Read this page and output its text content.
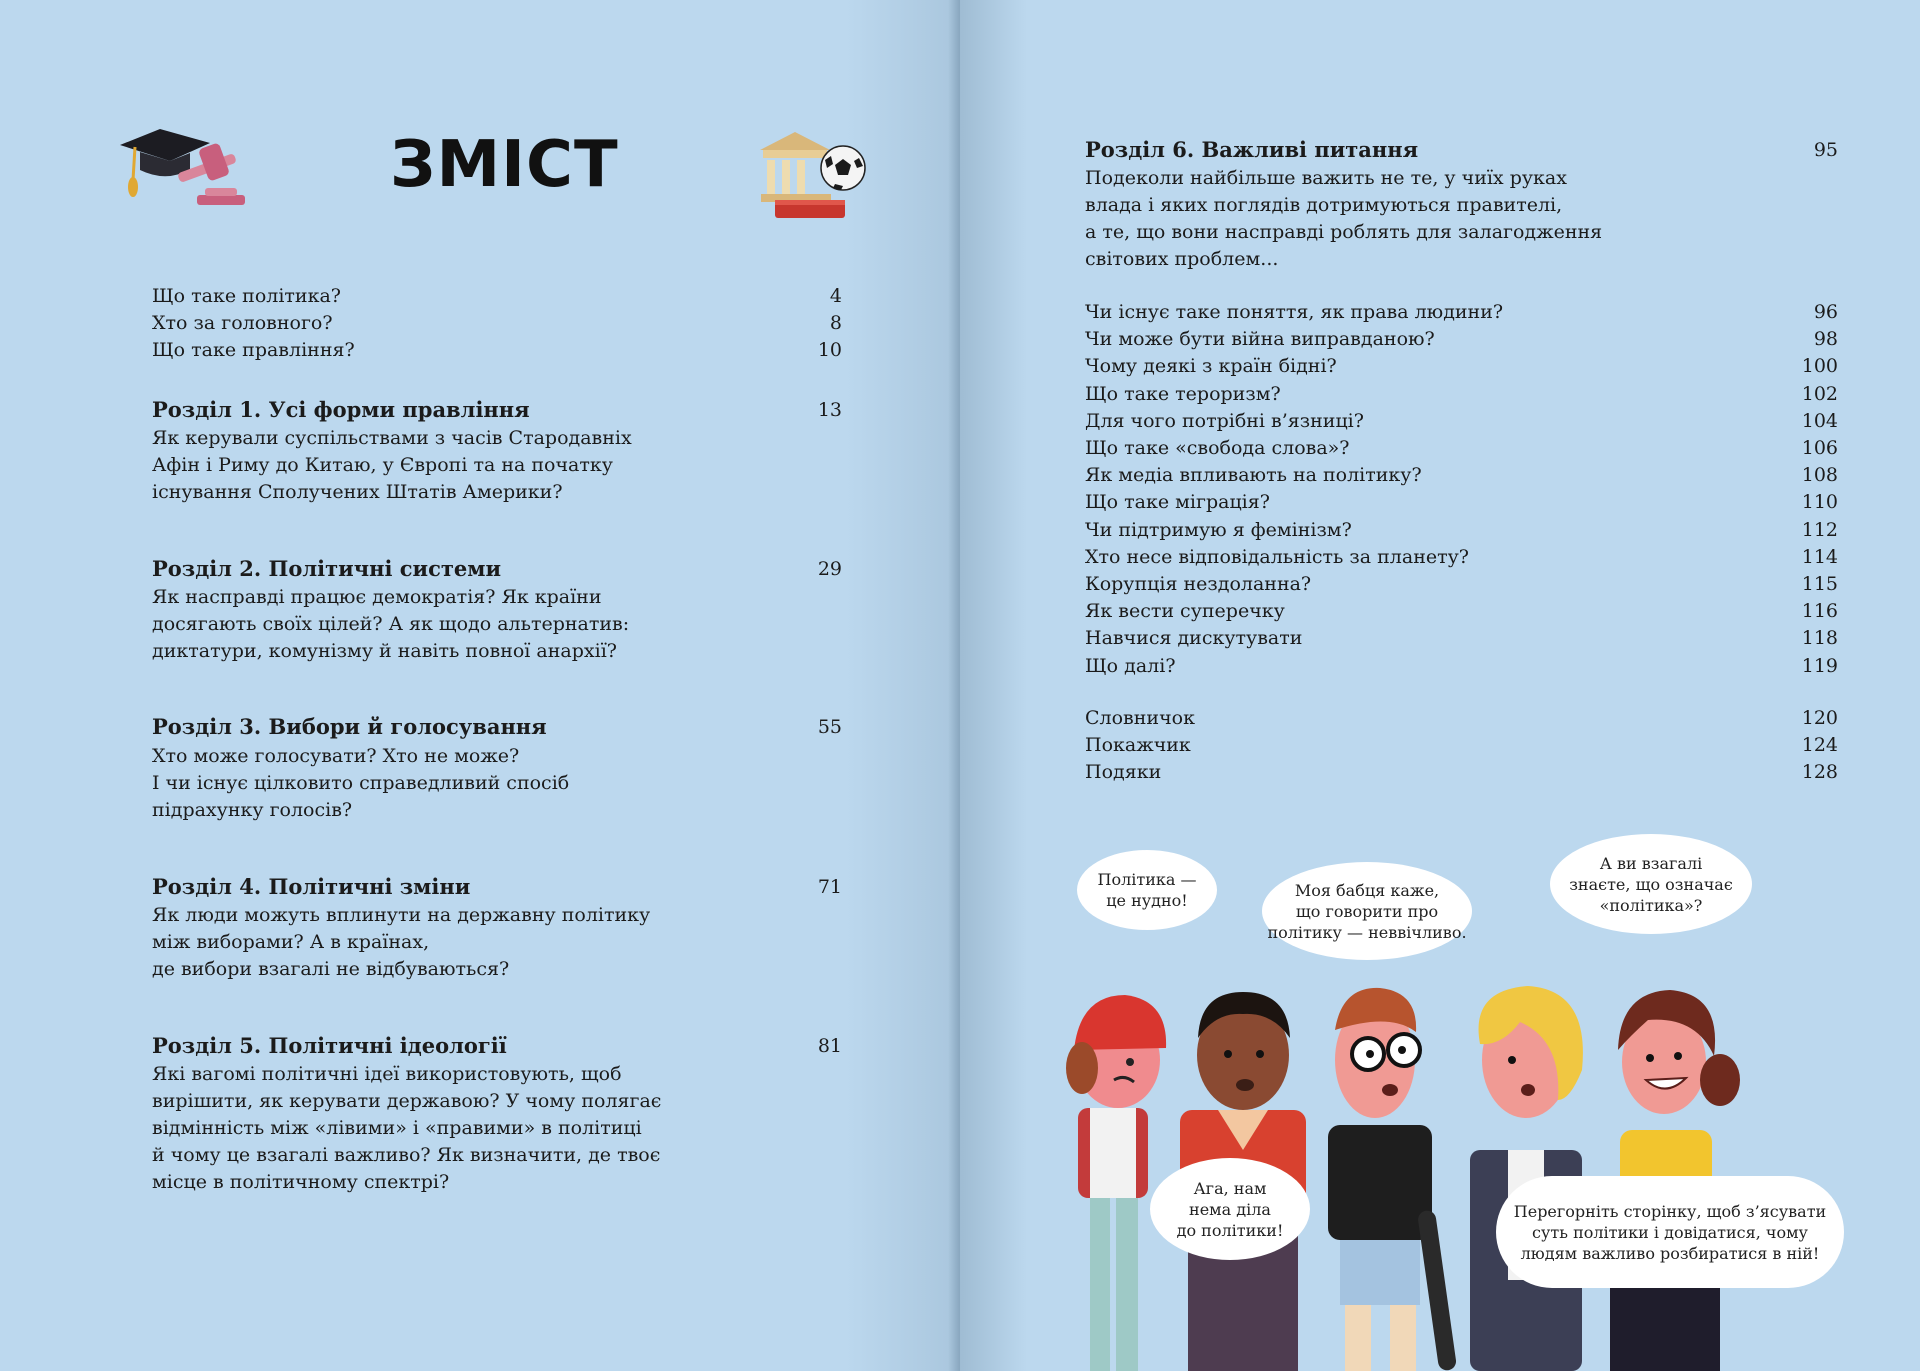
ЗМІСТ
Що таке політика?	4
Хто за головного?	8
Що таке правління?	10
Розділ 1. Усі форми правління	13
Як керували суспільствами з часів Стародавніх
Афін і Риму до Китаю, у Європі та на початку
існування Сполучених Штатів Америки?
Розділ 2. Політичні системи	29
Як насправді працює демократія? Як країни
досягають своїх цілей? А як щодо альтернатив:
диктатури, комунізму й навіть повної анархії?
Розділ 3. Вибори й голосування	55
Хто може голосувати? Хто не може?
І чи існує цілковито справедливий спосіб
підрахунку голосів?
Розділ 4. Політичні зміни	71
Як люди можуть вплинути на державну політику
між виборами? А в країнах,
де вибори взагалі не відбуваються?
Розділ 5. Політичні ідеології	81
Які вагомі політичні ідеї використовують, щоб
вирішити, як керувати державою? У чому полягає
відмінність між «лівими» і «правими» в політиці
й чому це взагалі важливо? Як визначити, де твоє
місце в політичному спектрі?
Розділ 6. Важливі питання	95
Подеколи найбільше важить не те, у чиїх руках
влада і яких поглядів дотримуються правителі,
а те, що вони насправді роблять для залагодження
світових проблем...
Чи існує таке поняття, як права людини?	96
Чи може бути війна виправданою?	98
Чому деякі з країн бідні?	100
Що таке тероризм?	102
Для чого потрібні в’язниці?	104
Що таке «свобода слова»?	106
Як медіа впливають на політику?	108
Що таке міграція?	110
Чи підтримую я фемінізм?	112
Хто несе відповідальність за планету?	114
Корупція нездоланна?	115
Як вести суперечку	116
Навчися дискутувати	118
Що далі?	119
Словничок	120
Покажчик	124
Подяки	128
Політика —
це нудно!
Моя бабця каже,
що говорити про
політику — неввічливо.
А ви взагалі
знаєте, що означає
«політика»?
Ага, нам
нема діла
до політики!
Перегорніть сторінку, щоб з’ясувати
суть політики і довідатися, чому
людям важливо розбиратися в ній!
